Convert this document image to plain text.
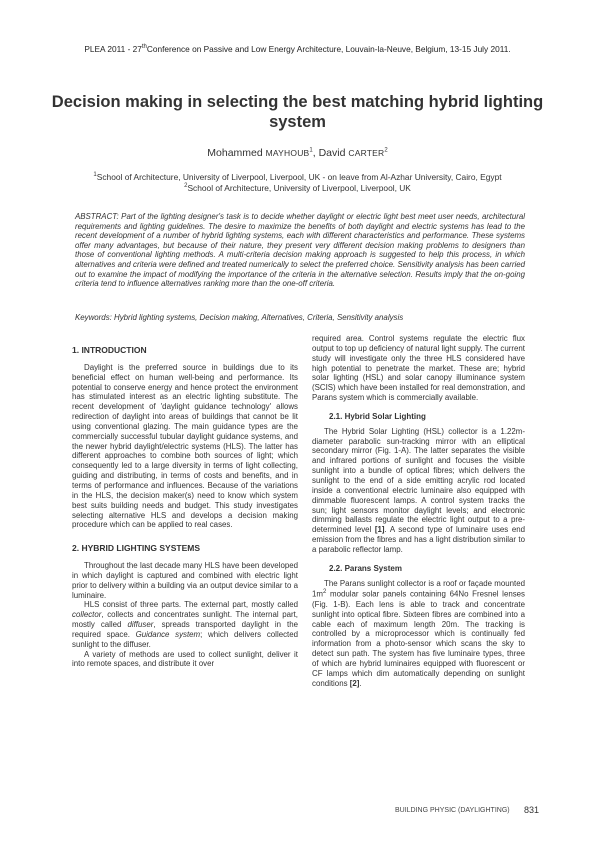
PLEA 2011 - 27thConference on Passive and Low Energy Architecture, Louvain-la-Neuve, Belgium, 13-15 July 2011.
Decision making in selecting the best matching hybrid lighting system
Mohammed MAYHOUB$^1$, David CARTER$^2$
$^1$School of Architecture, University of Liverpool, Liverpool, UK - on leave from Al-Azhar University, Cairo, Egypt
$^2$School of Architecture, University of Liverpool, Liverpool, UK
ABSTRACT: Part of the lighting designer's task is to decide whether daylight or electric light best meet user needs, architectural requirements and lighting guidelines. The desire to maximize the benefits of both daylight and electric systems has lead to the recent development of a number of hybrid lighting systems, each with different characteristics and performance. These systems offer many advantages, but because of their nature, they present very different decision making problems to designers than those of conventional lighting methods. A multi-criteria decision making approach is suggested to help this process, in which alternatives and criteria were defined and treated numerically to select the preferred choice. Sensitivity analysis has been carried out to examine the impact of modifying the importance of the criteria in the alternative selection. Results imply that the on-going criteria tend to influence alternatives ranking more than the one-off criteria.
Keywords: Hybrid lighting systems, Decision making, Alternatives, Criteria, Sensitivity analysis
1. INTRODUCTION

Daylight is the preferred source in buildings due to its beneficial effect on human well-being and performance. Its potential to conserve energy and hence protect the environment has stimulated interest as an electric lighting substitute. The recent development of 'daylight guidance technology' allows redirection of daylight into areas of buildings that cannot be lit using conventional glazing. The main guidance types are the commercially successful tubular daylight guidance systems, and the newer hybrid daylight/electric systems (HLS). The latter has different approaches to combine both sources of light; which consequently led to a large diversity in terms of light collecting, guiding and distributing, in terms of costs and benefits, and in terms of performance and influences. Because of the variations in the HLS, the decision maker(s) need to know which system best suits building needs and budget. This study investigates selecting alternative HLS and develops a decision making procedure which can be applied to real cases.

2. HYBRID LIGHTING SYSTEMS

Throughout the last decade many HLS have been developed in which daylight is captured and combined with electric light prior to delivery within a building via an output device similar to a luminaire.

HLS consist of three parts. The external part, mostly called collector, collects and concentrates sunlight. The internal part, mostly called diffuser, spreads transported daylight in the required space. Guidance system; which delivers collected sunlight to the diffuser.

A variety of methods are used to collect sunlight, deliver it into remote spaces, and distribute it over

required area. Control systems regulate the electric flux output to top up deficiency of natural light supply. The current study will investigate only the three HLS considered have high potential to penetrate the market. These are; hybrid solar lighting (HSL) and solar canopy illuminance system (SCIS) which have been installed for real demonstration, and Parans system which is commercially available.

2.1. Hybrid Solar Lighting

The Hybrid Solar Lighting (HSL) collector is a 1.22m-diameter parabolic sun-tracking mirror with an elliptical secondary mirror (Fig. 1-A). The latter separates the visible and infrared portions of sunlight and focuses the visible sunlight into a bundle of optical fibres; which delivers the sunlight to the end of a side emitting acrylic rod located inside a conventional electric luminaire also equipped with dimmable fluorescent lamps. A control system tracks the sun; light sensors monitor daylight levels; and electronic dimming ballasts regulate the electric light output to a pre-determined level [1]. A second type of luminaire uses end emission from the fibres and has a light distribution similar to a parabolic reflector lamp.

2.2. Parans System

The Parans sunlight collector is a roof or façade mounted $1m^2$ modular solar panels containing 64No Fresnel lenses (Fig. 1-B). Each lens is able to track and concentrate sunlight into optical fibre. Sixteen fibres are combined into a cable each of maximum length 20m. The tracking is controlled by a microprocessor which is continually fed information from a photo-sensor which scans the sky to detect sun path. The system has five luminaire types, three of which are hybrid luminaires equipped with fluorescent or CF lamps which dim automatically depending on sunlight conditions [2].

BUILDING PHYSIC (DAYLIGHTING) 831
